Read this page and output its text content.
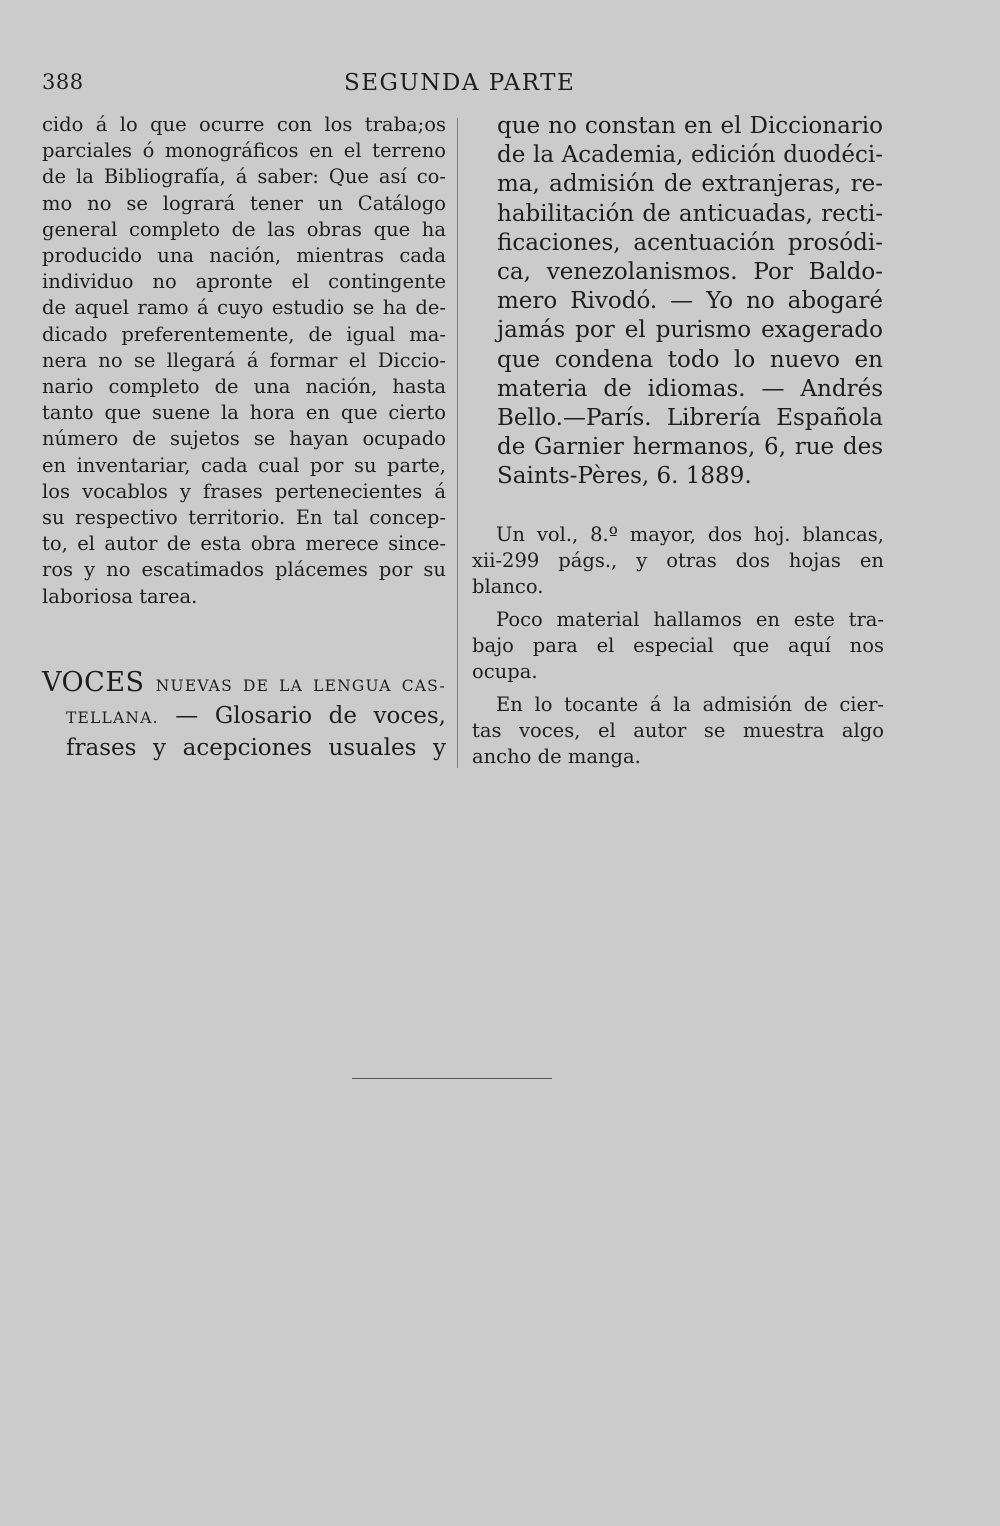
388	SEGUNDA PARTE
cido á lo que ocurre con los traba;os
parciales ó monográficos en el terreno
de la Bibliografía, á saber: Que así co-
mo no se logrará tener un Catálogo
general completo de las obras que ha
producido una nación, mientras cada
individuo no apronte el contingente
de aquel ramo á cuyo estudio se ha de-
dicado preferentemente, de igual ma-
nera no se llegará á formar el Diccio-
nario completo de una nación, hasta
tanto que suene la hora en que cierto
número de sujetos se hayan ocupado
en inventariar, cada cual por su parte,
los vocablos y frases pertenecientes á
su respectivo territorio. En tal concep-
to, el autor de esta obra merece since-
ros y no escatimados plácemes por su
laboriosa tarea.
VOCES NUEVAS DE LA LENGUA CAS-
TELLANA. — Glosario de voces,
frases y acepciones usuales y
que no constan en el Diccionario
de la Academia, edición duodéci-
ma, admisión de extranjeras, re-
habilitación de anticuadas, recti-
ficaciones, acentuación prosódi-
ca, venezolanismos. Por Baldo-
mero Rivodó. — Yo no abogaré
jamás por el purismo exagerado
que condena todo lo nuevo en
materia de idiomas. — Andrés
Bello.—París. Librería Española
de Garnier hermanos, 6, rue des
Saints-Pères, 6. 1889.

Un vol., 8.º mayor, dos hoj. blancas,
xii-299 págs., y otras dos hojas en
blanco.

Poco material hallamos en este tra-
bajo para el especial que aquí nos
ocupa.

En lo tocante á la admisión de cier-
tas voces, el autor se muestra algo
ancho de manga.
